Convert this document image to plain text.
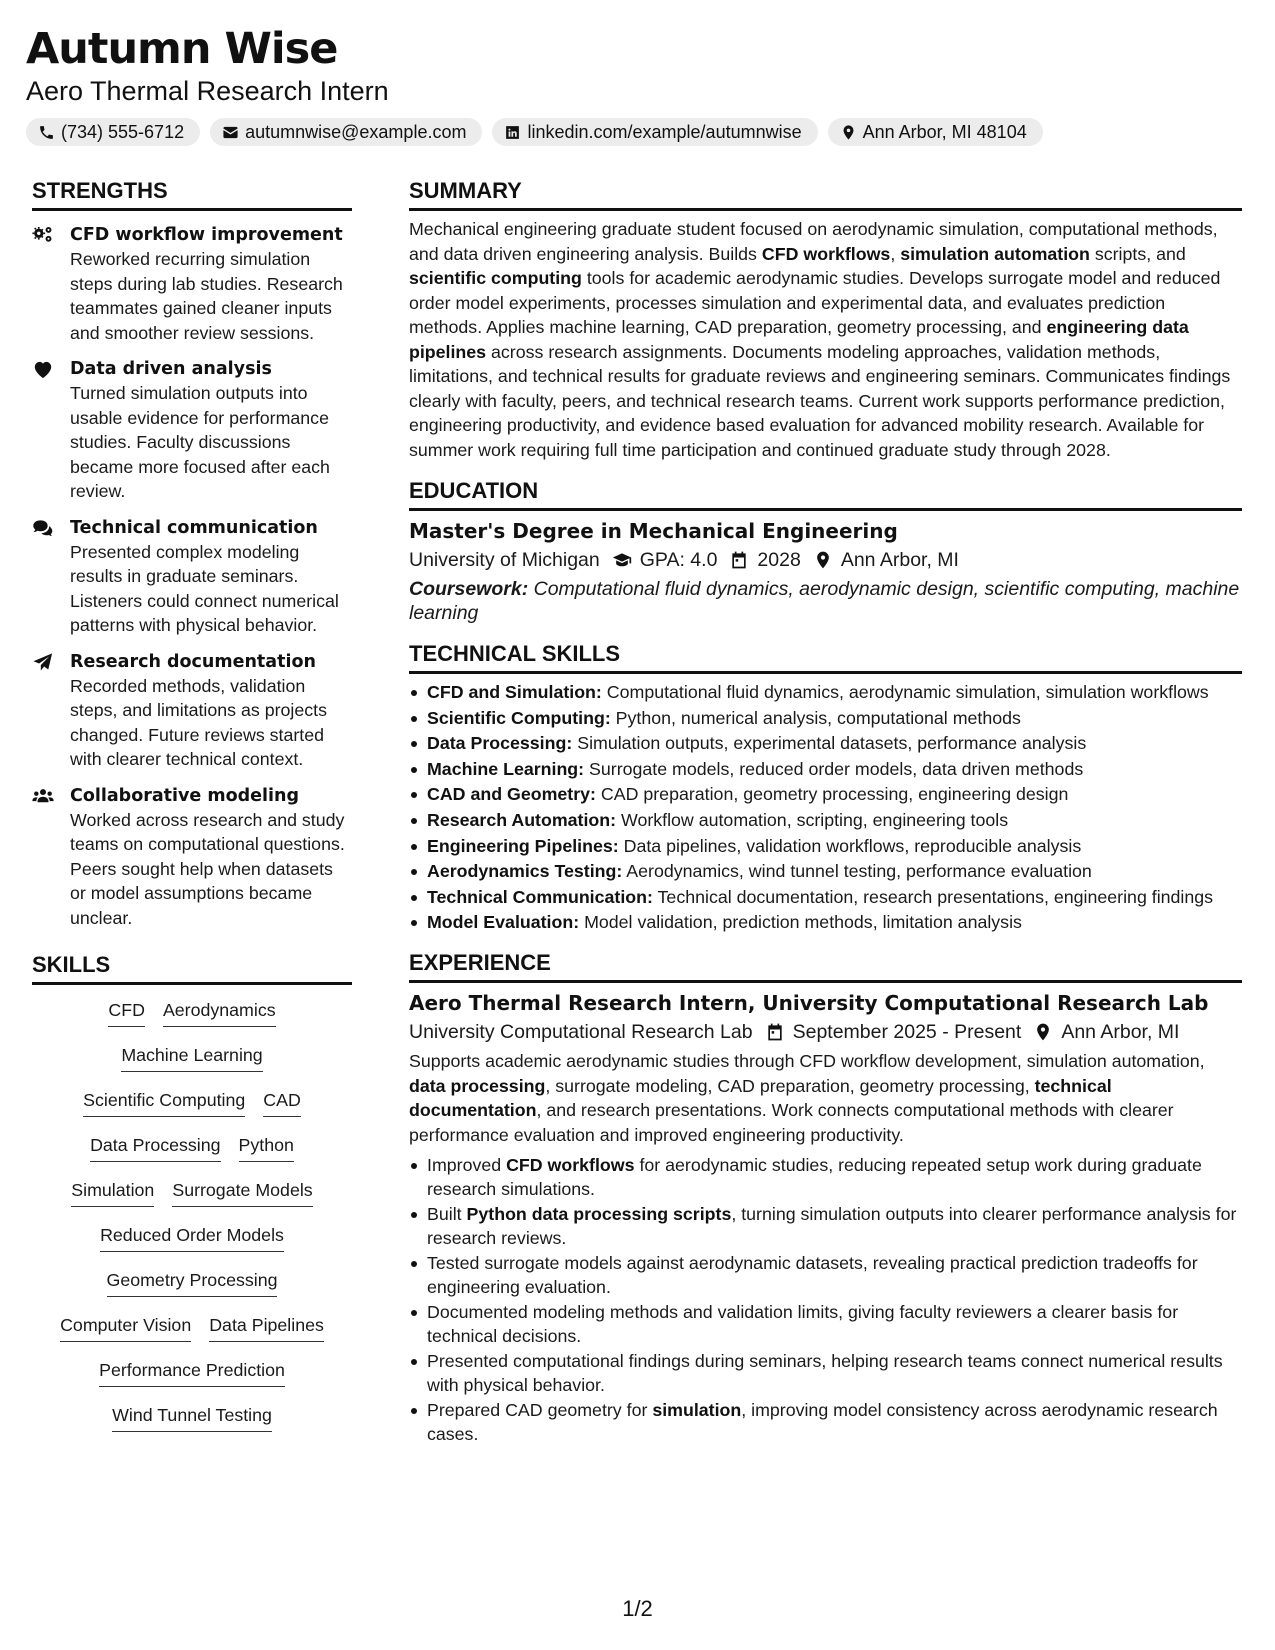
Autumn Wise
Aero Thermal Research Intern
(734) 555-6712	autumnwise@example.com	linkedin.com/example/autumnwise	Ann Arbor, MI 48104
STRENGTHS
CFD workflow improvement
Reworked recurring simulation steps during lab studies. Research teammates gained cleaner inputs and smoother review sessions.
Data driven analysis
Turned simulation outputs into usable evidence for performance studies. Faculty discussions became more focused after each review.
Technical communication
Presented complex modeling results in graduate seminars. Listeners could connect numerical patterns with physical behavior.
Research documentation
Recorded methods, validation steps, and limitations as projects changed. Future reviews started with clearer technical context.
Collaborative modeling
Worked across research and study teams on computational questions. Peers sought help when datasets or model assumptions became unclear.
SKILLS
CFD Aerodynamics
Machine Learning
Scientific Computing CAD
Data Processing Python
Simulation Surrogate Models
Reduced Order Models
Geometry Processing
Computer Vision Data Pipelines
Performance Prediction
Wind Tunnel Testing
SUMMARY
Mechanical engineering graduate student focused on aerodynamic simulation, computational methods, and data driven engineering analysis. Builds CFD workflows, simulation automation scripts, and scientific computing tools for academic aerodynamic studies. Develops surrogate model and reduced order model experiments, processes simulation and experimental data, and evaluates prediction methods. Applies machine learning, CAD preparation, geometry processing, and engineering data pipelines across research assignments. Documents modeling approaches, validation methods, limitations, and technical results for graduate reviews and engineering seminars. Communicates findings clearly with faculty, peers, and technical research teams. Current work supports performance prediction, engineering productivity, and evidence based evaluation for advanced mobility research. Available for summer work requiring full time participation and continued graduate study through 2028.
EDUCATION
Master's Degree in Mechanical Engineering
University of Michigan GPA: 4.0 2028 Ann Arbor, MI
Coursework: Computational fluid dynamics, aerodynamic design, scientific computing, machine learning
TECHNICAL SKILLS
CFD and Simulation: Computational fluid dynamics, aerodynamic simulation, simulation workflows
Scientific Computing: Python, numerical analysis, computational methods
Data Processing: Simulation outputs, experimental datasets, performance analysis
Machine Learning: Surrogate models, reduced order models, data driven methods
CAD and Geometry: CAD preparation, geometry processing, engineering design
Research Automation: Workflow automation, scripting, engineering tools
Engineering Pipelines: Data pipelines, validation workflows, reproducible analysis
Aerodynamics Testing: Aerodynamics, wind tunnel testing, performance evaluation
Technical Communication: Technical documentation, research presentations, engineering findings
Model Evaluation: Model validation, prediction methods, limitation analysis
EXPERIENCE
Aero Thermal Research Intern, University Computational Research Lab
University Computational Research Lab September 2025 - Present Ann Arbor, MI
Supports academic aerodynamic studies through CFD workflow development, simulation automation, data processing, surrogate modeling, CAD preparation, geometry processing, technical documentation, and research presentations. Work connects computational methods with clearer performance evaluation and improved engineering productivity.
Improved CFD workflows for aerodynamic studies, reducing repeated setup work during graduate research simulations.
Built Python data processing scripts, turning simulation outputs into clearer performance analysis for research reviews.
Tested surrogate models against aerodynamic datasets, revealing practical prediction tradeoffs for engineering evaluation.
Documented modeling methods and validation limits, giving faculty reviewers a clearer basis for technical decisions.
Presented computational findings during seminars, helping research teams connect numerical results with physical behavior.
Prepared CAD geometry for simulation, improving model consistency across aerodynamic research cases.
1/2
